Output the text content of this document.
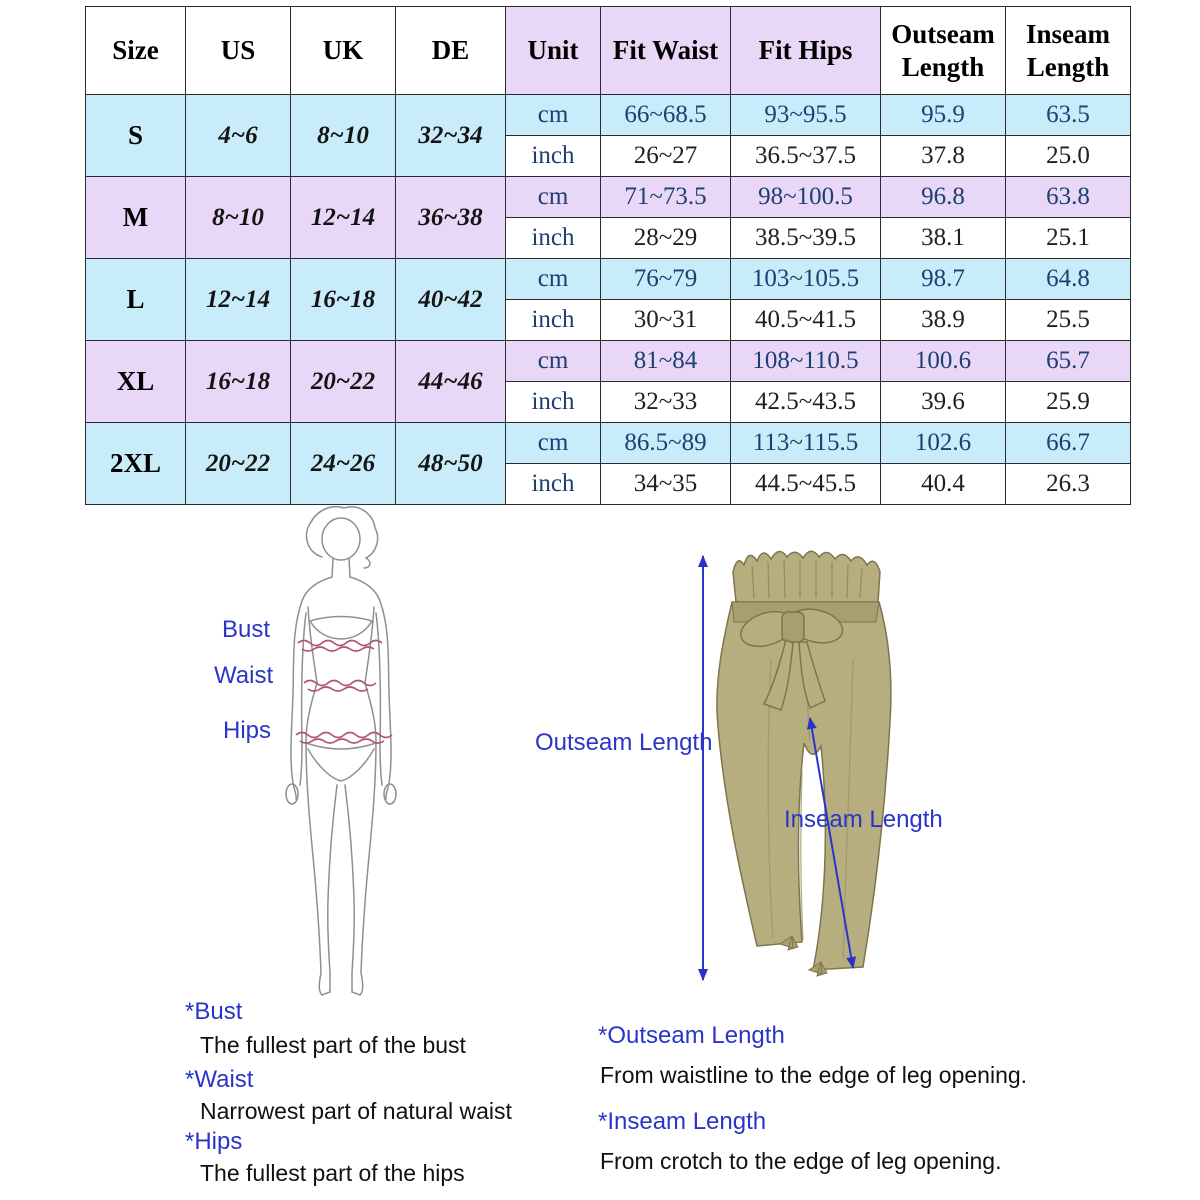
Size	US	UK	DE	Unit	Fit Waist	Fit Hips	Outseam Length	Inseam Length
S	4~6	8~10	32~34	cm	66~68.5	93~95.5	95.9	63.5
				inch	26~27	36.5~37.5	37.8	25.0
M	8~10	12~14	36~38	cm	71~73.5	98~100.5	96.8	63.8
				inch	28~29	38.5~39.5	38.1	25.1
L	12~14	16~18	40~42	cm	76~79	103~105.5	98.7	64.8
				inch	30~31	40.5~41.5	38.9	25.5
XL	16~18	20~22	44~46	cm	81~84	108~110.5	100.6	65.7
				inch	32~33	42.5~43.5	39.6	25.9
2XL	20~22	24~26	48~50	cm	86.5~89	113~115.5	102.6	66.7
				inch	34~35	44.5~45.5	40.4	26.3
Bust
Waist
Hips	Outseam Length
Inseam Length
*Bust
The fullest part of the bust
*Waist
Narrowest part of natural waist
*Hips
The fullest part of the hips
*Outseam Length
From waistline to the edge of leg opening.
*Inseam Length
From crotch to the edge of leg opening.
